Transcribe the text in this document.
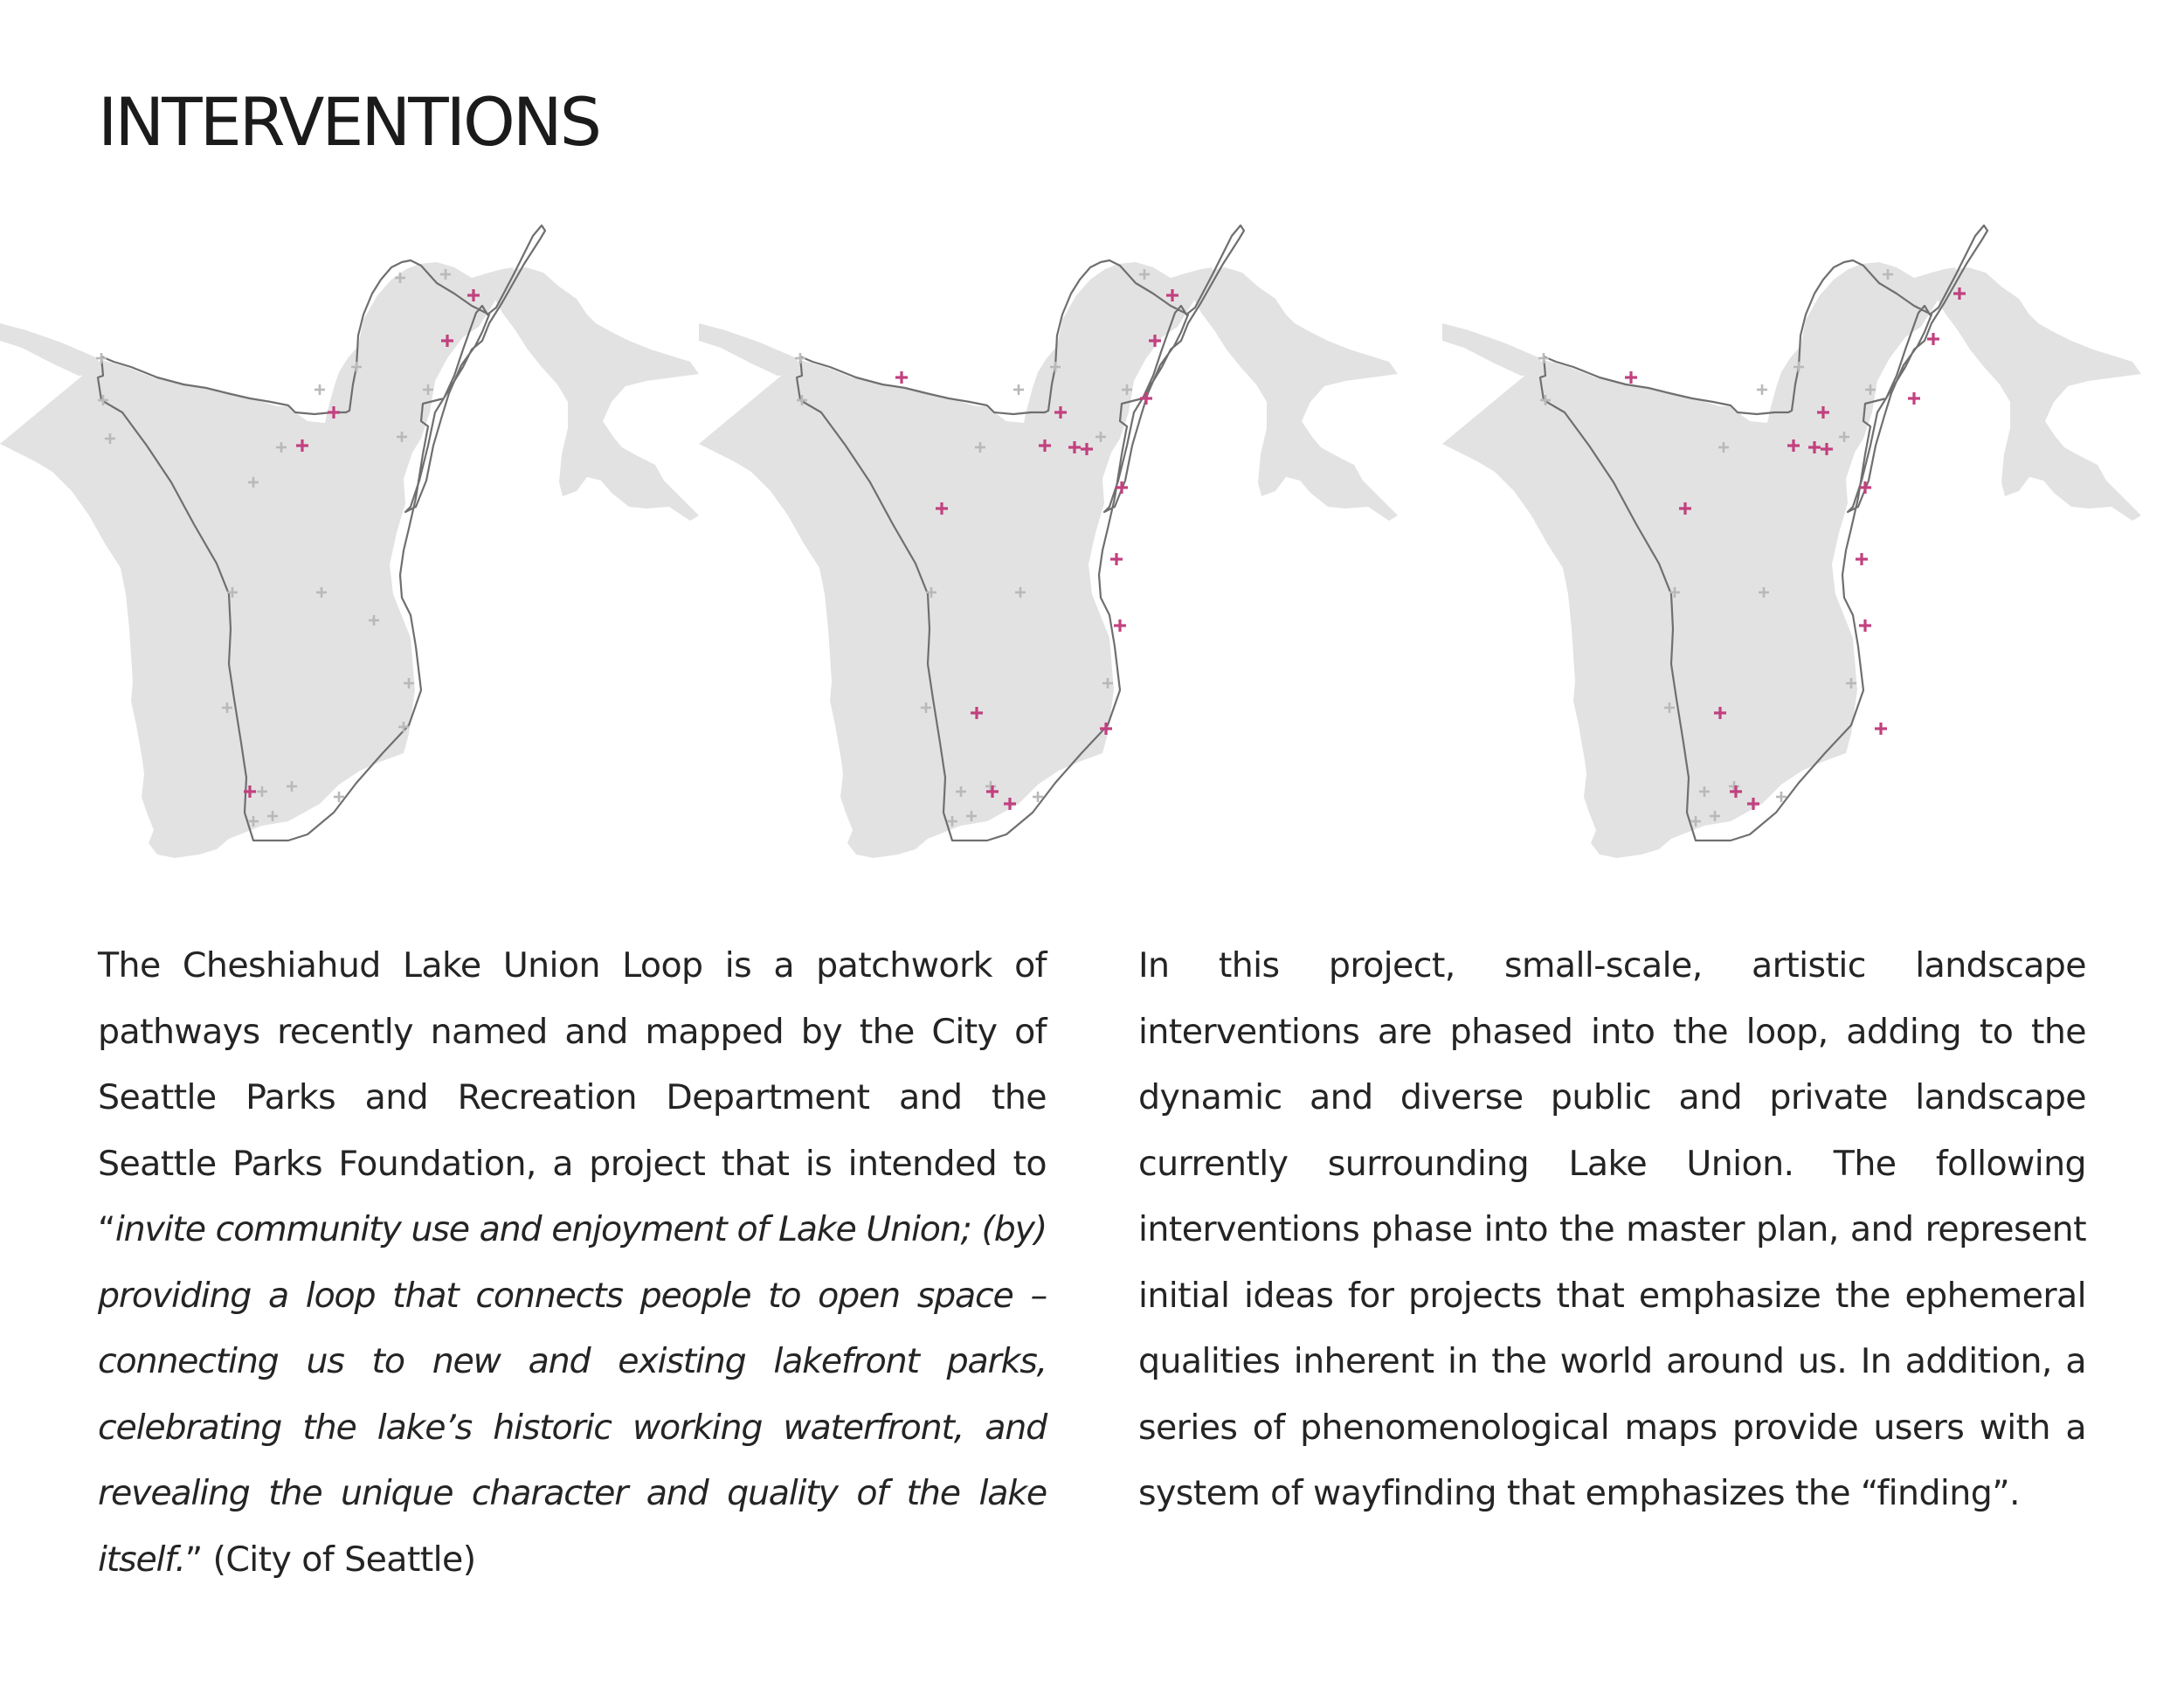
INTERVENTIONS

The Cheshiahud Lake Union Loop is a patchwork of pathways recently named and mapped by the City of Seattle Parks and Recreation Department and the Seattle Parks Foundation, a project that is intended to “invite community use and enjoyment of Lake Union; (by) providing a loop that connects people to open space – connecting us to new and existing lakefront parks, celebrating the lake’s historic working waterfront, and revealing the unique character and quality of the lake itself.” (City of Seattle)

In this project, small-scale, artistic landscape interventions are phased into the loop, adding to the dynamic and diverse public and private landscape currently surrounding Lake Union. The following interventions phase into the master plan, and represent initial ideas for projects that emphasize the ephemeral qualities inherent in the world around us. In addition, a series of phenomenological maps provide users with a system of wayfinding that emphasizes the “finding”.
